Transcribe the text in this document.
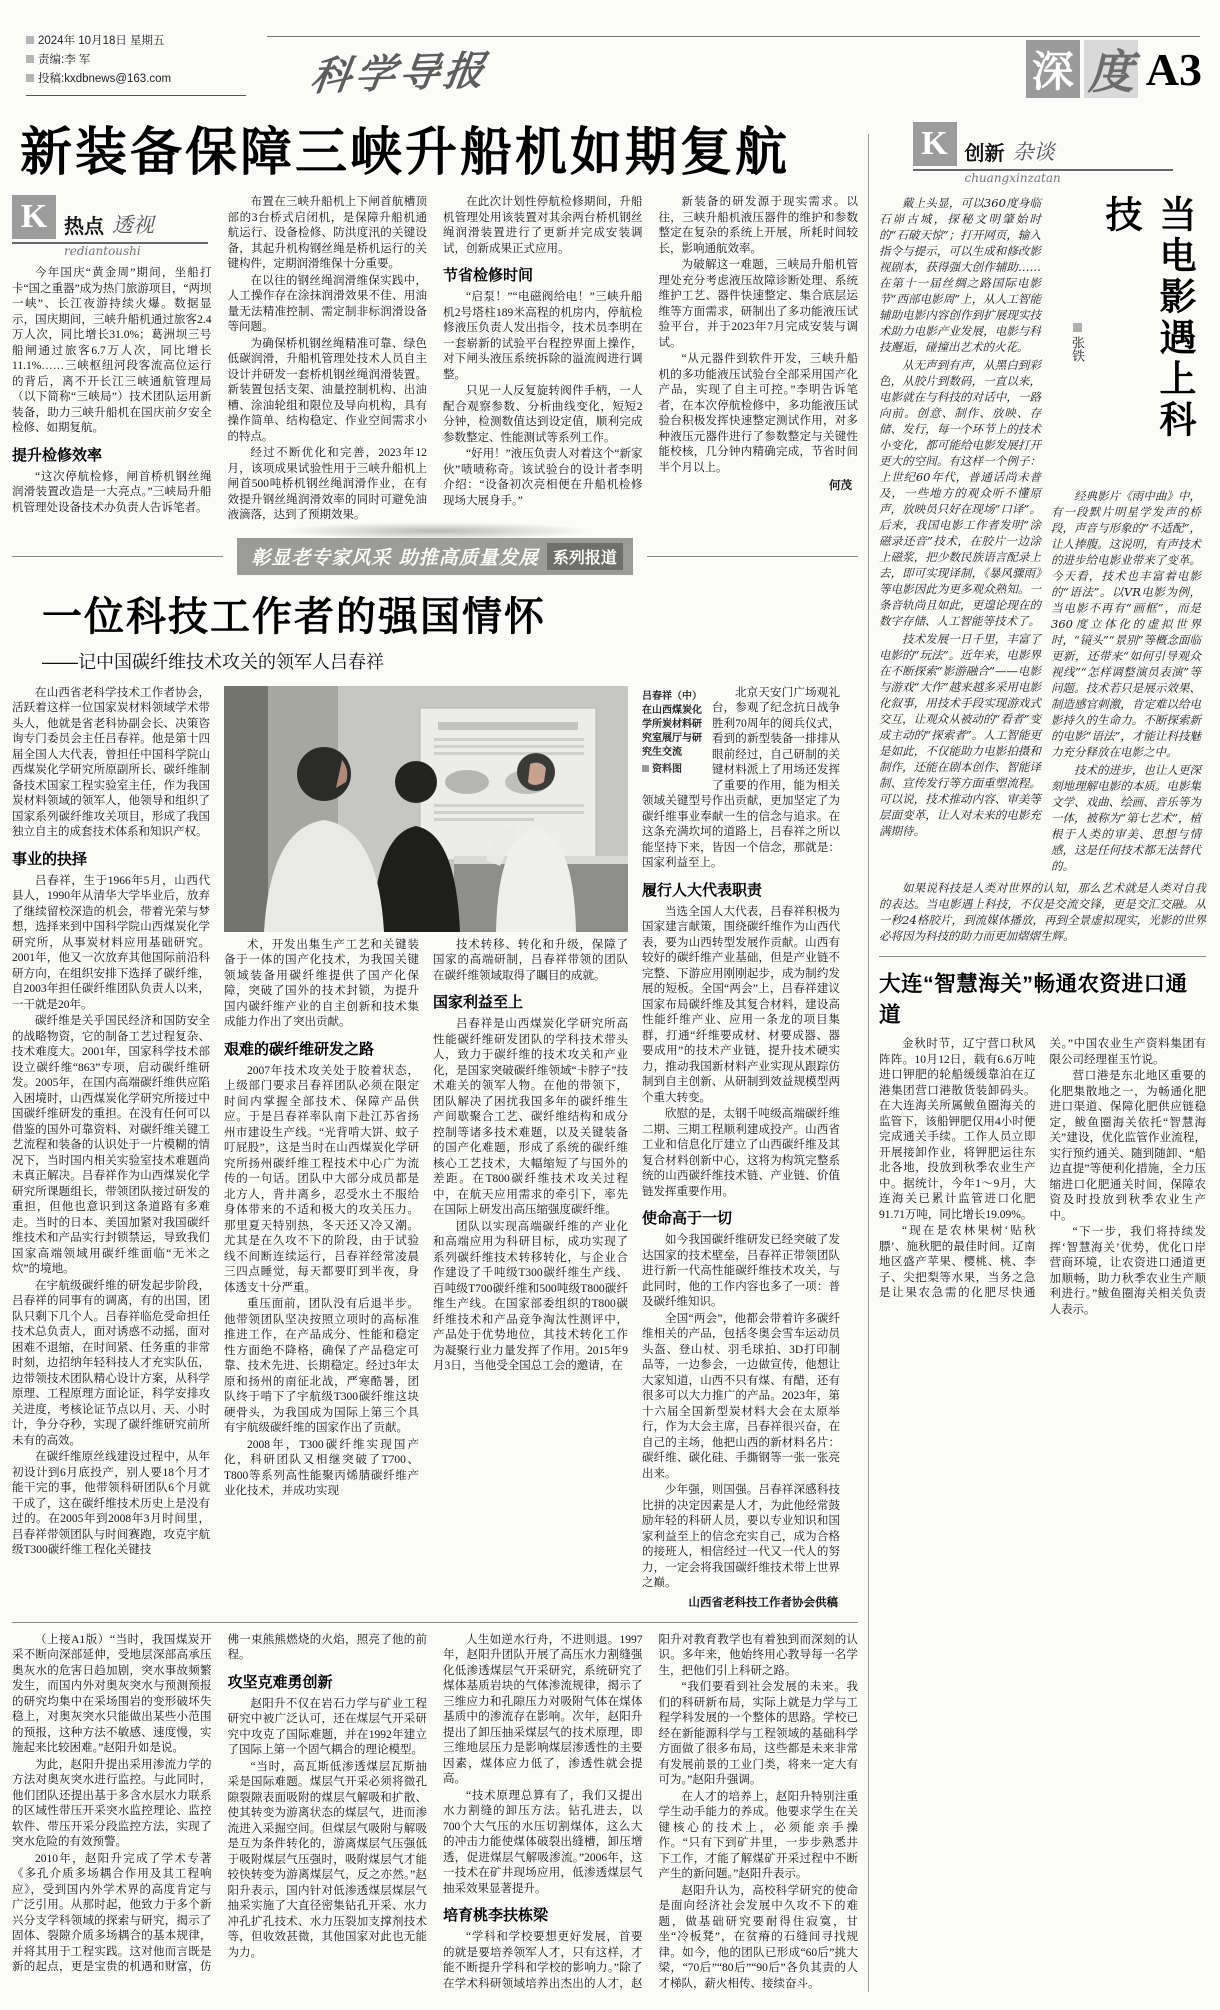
2024年 10月18日 星期五
责编:李 军
投稿:kxdbnews@163.com	科学导报	深 度 A3
新装备保障三峡升船机如期复航
K 热点 透视
rediantoushi

今年国庆“黄金周”期间，坐船打卡“国之重器”成为热门旅游项目，“两坝一峡”、长江夜游持续火爆。数据显示，国庆期间，三峡升船机通过旅客2.4万人次，同比增长31.0%；葛洲坝三号船闸通过旅客6.7万人次，同比增长11.1%……三峡枢纽河段客流高位运行的背后，离不开长江三峡通航管理局（以下简称“三峡局”）技术团队运用新装备，助力三峡升船机在国庆前夕安全检修、如期复航。

提升检修效率

“这次停航检修，闸首桥机钢丝绳润滑装置改造是一大亮点。”三峡局升船机管理处设备技术办负责人告诉笔者。

布置在三峡升船机上下闸首航槽顶部的3台桥式启闭机，是保障升船机通航运行、设备检修、防洪度汛的关键设备，其起升机构钢丝绳是桥机运行的关键构件，定期润滑维保十分重要。

在以往的钢丝绳润滑维保实践中，人工操作存在涂抹润滑效果不佳、用油量无法精准控制、需定制非标润滑设备等问题。

为确保桥机钢丝绳精准可靠、绿色低碳润滑，升船机管理处技术人员自主设计并研发一套桥机钢丝绳润滑装置。新装置包括支架、油量控制机构、出油槽、涂油轮组和限位及导向机构，具有操作简单、结构稳定、作业空间需求小的特点。

经过不断优化和完善，2023年12月，该项成果试验性用于三峡升船机上闸首500吨桥机钢丝绳润滑作业，在有效提升钢丝绳润滑效率的同时可避免油液滴落，达到了预期效果。

在此次计划性停航检修期间，升船机管理处用该装置对其余两台桥机钢丝绳润滑装置进行了更新并完成安装调试，创新成果正式应用。

节省检修时间

“启泵！”“电磁阀给电！”三峡升船机2号塔柱189米高程的机房内，停航检修液压负责人发出指令，技术员李明在一套崭新的试验平台程控界面上操作，对下闸头液压系统拆除的溢流阀进行调整。

只见一人反复旋转阀件手柄，一人配合观察参数、分析曲线变化，短短2分钟，检测数值达到设定值，顺利完成参数整定、性能测试等系列工作。

“好用！”液压负责人对着这个“新家伙”啧啧称奇。该试验台的设计者李明介绍：“设备初次亮相便在升船机检修现场大展身手。”

新装备的研发源于现实需求。以往，三峡升船机液压器件的维护和参数整定在复杂的系统上开展，所耗时间较长，影响通航效率。

为破解这一难题，三峡局升船机管理处充分考虑液压故障诊断处理、系统维护工艺、器件快速整定、集合底层运维等方面需求，研制出了多功能液压试验平台，并于2023年7月完成安装与调试。

“从元器件到软件开发，三峡升船机的多功能液压试验台全部采用国产化产品，实现了自主可控。”李明告诉笔者，在本次停航检修中，多功能液压试验台积极发挥快速整定测试作用，对多种液压元器件进行了参数整定与关键性能校核，几分钟内精确完成，节省时间半个月以上。

何茂

彰显老专家风采 助推高质量发展 系列报道
一位科技工作者的强国情怀
——记中国碳纤维技术攻关的领军人吕春祥

在山西省老科学技术工作者协会，活跃着这样一位国家炭材料领域学术带头人，他就是省老科协副会长、决策咨询专门委员会主任吕春祥。他是第十四届全国人大代表，曾担任中国科学院山西煤炭化学研究所原副所长、碳纤维制备技术国家工程实验室主任，作为我国炭材料领域的领军人，他领导和组织了国家系列碳纤维攻关项目，形成了我国独立自主的成套技术体系和知识产权。

事业的抉择

吕春祥，生于1966年5月，山西代县人，1990年从清华大学毕业后，放弃了继续留校深造的机会，带着光荣与梦想，选择来到中国科学院山西煤炭化学研究所，从事炭材料应用基础研究。2001年，他又一次放弃其他国际前沿科研方向，在组织安排下选择了碳纤维，自2003年担任碳纤维团队负责人以来，一干就是20年。

碳纤维是关乎国民经济和国防安全的战略物资，它的制备工艺过程复杂、技术难度大。2001年，国家科学技术部设立碳纤维“863”专项，启动碳纤维研发。2005年，在国内高端碳纤维供应陷入困境时，山西煤炭化学研究所接过中国碳纤维研发的重担。在没有任何可以借鉴的国外可靠资料、对碳纤维关键工艺流程和装备的认识处于一片模糊的情况下，当时国内相关实验室技术难题尚未真正解决。吕春祥作为山西煤炭化学研究所课题组长，带领团队接过研发的重担，但他也意识到这条道路有多难走。当时的日本、美国加紧对我国碳纤维技术和产品实行封锁禁运，导致我们国家高端领域用碳纤维面临“无米之炊”的境地。

在宇航级碳纤维的研发起步阶段，吕春祥的同事有的调离，有的出国，团队只剩下几个人。吕春祥临危受命担任技术总负责人，面对诱惑不动摇，面对困难不退缩，在时间紧、任务重的非常时刻，边招纳年轻科技人才充实队伍，边带领技术团队精心设计方案，从科学原理、工程原理方面论证，科学安排攻关进度，考核论证节点以月、天、小时计，争分夺秒，实现了碳纤维研究前所未有的高效。

在碳纤维原丝线建设过程中，从年初设计到6月底投产，别人要18个月才能干完的事，他带领科研团队6个月就干成了，这在碳纤维技术历史上是没有过的。在2005年到2008年3月时间里，吕春祥带领团队与时间赛跑，攻克宇航级T300碳纤维工程化关键技

术，开发出集生产工艺和关键装备于一体的国产化技术，为我国关键领域装备用碳纤维提供了国产化保障，突破了国外的技术封锁，为提升国内碳纤维产业的自主创新和技术集成能力作出了突出贡献。

艰难的碳纤维研发之路

2007年技术攻关处于胶着状态，上级部门要求吕春祥团队必须在限定时间内掌握全部技术、保障产品供应。于是吕春祥率队南下赴江苏省扬州市建设生产线。“光背啃大饼、蚊子叮屁股”，这是当时在山西煤炭化学研究所扬州碳纤维工程技术中心广为流传的一句话。团队中大部分成员都是北方人，背井离乡，忍受水土不服给身体带来的不适和极大的攻关压力。那里夏天特别热，冬天还又冷又潮。尤其是在久攻不下的阶段，由于试验线不间断连续运行，吕春祥经常凌晨三四点睡觉，每天都要盯到半夜，身体透支十分严重。

重压面前，团队没有后退半步。他带领团队坚决按照立项时的高标准推进工作，在产品成分、性能和稳定性方面绝不降格，确保了产品稳定可靠、技术先进、长期稳定。经过3年太原和扬州的南征北战，严寒酷暑，团队终于啃下了宇航级T300碳纤维这块硬骨头，为我国成为国际上第三个具有宇航级碳纤维的国家作出了贡献。

2008年，T300碳纤维实现国产化，科研团队又相继突破了T700、T800等系列高性能聚丙烯腈碳纤维产业化技术，并成功实现

技术转移、转化和升级，保障了国家的高端研制，吕春祥带领的团队在碳纤维领域取得了瞩目的成就。

国家利益至上

吕春祥是山西煤炭化学研究所高性能碳纤维研发团队的学科技术带头人，致力于碳纤维的技术攻关和产业化，是国家突破碳纤维领域“卡脖子”技术难关的领军人物。在他的带领下，团队解决了困扰我国多年的碳纤维生产间歇聚合工艺、碳纤维结构和成分控制等诸多技术难题，以及关键装备的国产化难题，形成了系统的碳纤维核心工艺技术，大幅缩短了与国外的差距。在T800碳纤维技术攻关过程中，在航天应用需求的牵引下，率先在国际上研发出高压缩强度碳纤维。

团队以实现高端碳纤维的产业化和高端应用为科研目标，成功实现了系列碳纤维技术转移转化，与企业合作建设了千吨级T300碳纤维生产线、百吨级T700碳纤维和500吨级T800碳纤维生产线。在国家部委组织的T800碳纤维技术和产品竞争淘汰性测评中，产品处于优势地位，其技术转化工作为凝聚行业力量发挥了作用。2015年9月3日，当他受全国总工会的邀请，在

吕春祥（中）在山西煤炭化学所炭材料研究室展厅与研究生交流
资料图

北京天安门广场观礼台，参观了纪念抗日战争胜利70周年的阅兵仪式，看到的新型装备一排排从眼前经过，自己研制的关键材料派上了用场还发挥了重要的作用，能为相关领域关键型号作出贡献，更加坚定了为碳纤维事业奉献一生的信念与追求。在这条充满坎坷的道路上，吕春祥之所以能坚持下来，皆因一个信念，那就是：国家利益至上。

履行人大代表职责

当选全国人大代表，吕春祥积极为国家建言献策，围绕碳纤维作为山西代表，要为山西转型发展作贡献。山西有较好的碳纤维产业基础，但是产业链不完整、下游应用刚刚起步，成为制约发展的短板。全国“两会”上，吕春祥建议国家布局碳纤维及其复合材料，建设高性能纤维产业、应用一条龙的项目集群，打通“纤维要成材、材要成器、器要成用”的技术产业链，提升技术硬实力，推动我国新材料产业实现从跟踪仿制到自主创新、从研制到效益规模型两个重大转变。

欣慰的是，太钢千吨级高端碳纤维二期、三期工程顺利建成投产。山西省工业和信息化厅建立了山西碳纤维及其复合材料创新中心，这将为构筑完整系统的山西碳纤维技术链、产业链、价值链发挥重要作用。

使命高于一切

如今我国碳纤维研发已经突破了发达国家的技术壁垒，吕春祥正带领团队进行新一代高性能碳纤维技术攻关，与此同时，他的工作内容也多了一项：普及碳纤维知识。

全国“两会”，他都会带着许多碳纤维相关的产品，包括冬奥会雪车运动员头盔、登山杖、羽毛球拍、3D打印制品等，一边参会，一边做宣传，他想让大家知道，山西不只有煤、有醋，还有很多可以大力推广的产品。2023年，第十六届全国新型炭材料大会在太原举行，作为大会主席，吕春祥很兴奋，在自己的主场，他把山西的新材料名片：碳纤维、碳化硅、手撕钢等一张一张亮出来。

少年强，则国强。吕春祥深感科技比拼的决定因素是人才，为此他经常鼓励年轻的科研人员，要以专业知识和国家利益至上的信念充实自己，成为合格的接班人，相信经过一代又一代人的努力，一定会将我国碳纤维技术带上世界之巅。

山西省老科技工作者协会供稿

（上接A1版）“当时，我国煤炭开采不断向深部延伸，受地层深部高承压奥灰水的危害日趋加剧，突水事故频繁发生，而国内外对奥灰突水与预测预报的研究均集中在采场围岩的变形破坏失稳上，对奥灰突水只能做出某些小范围的预报，这种方法不敏感、速度慢，实施起来比较困难。”赵阳升如是说。

为此，赵阳升提出采用渗流力学的方法对奥灰突水进行监控。与此同时，他们团队还提出基于多含水层水力联系的区域性带压开采突水监控理论、监控软件、带压开采分段监控方法，实现了突水危险的有效预警。

2010年，赵阳升完成了学术专著《多孔介质多场耦合作用及其工程响应》，受到国内外学术界的高度肯定与广泛引用。从那时起，他致力于多个新兴分支学科领域的探索与研究，揭示了固体、裂隙介质多场耦合的基本规律，并将其用于工程实践。这对他而言既是新的起点，更是宝贵的机遇和财富，仿佛一束熊熊燃烧的火焰，照亮了他的前程。

攻坚克难勇创新

赵阳升不仅在岩石力学与矿业工程研究中被广泛认可，还在煤层气开采研究中攻克了国际难题，并在1992年建立了国际上第一个固气耦合的理论模型。

“当时，高瓦斯低渗透煤层瓦斯抽采是国际难题。煤层气开采必须将微孔隙裂隙表面吸附的煤层气解吸和扩散、使其转变为游离状态的煤层气，进而渗流进入采掘空间。但煤层气吸附与解吸是互为条件转化的，游离煤层气压强低于吸附煤层气压强时，吸附煤层气才能较快转变为游离煤层气，反之亦然。”赵阳升表示，国内针对低渗透煤层煤层气抽采实施了大直径密集钻孔开采、水力冲孔扩孔技术、水力压裂加支撑剂技术等，但收效甚微，其他国家对此也无能为力。

人生如逆水行舟，不进则退。1997年，赵阳升团队开展了高压水力割缝强化低渗透煤层气开采研究，系统研究了煤体基质岩块的气体渗流规律，揭示了三维应力和孔隙压力对吸附气体在煤体基质中的渗流存在影响。次年，赵阳升提出了卸压抽采煤层气的技术原理，即三维地层压力是影响煤层渗透性的主要因素，煤体应力低了，渗透性就会提高。

“技术原理总算有了，我们又提出水力割缝的卸压方法。钻孔进去，以700个大气压的水压切割煤体，这么大的冲击力能使煤体破裂出缝槽，卸压增透，促进煤层气解吸渗流。”2006年，这一技术在矿井现场应用，低渗透煤层气抽采效果显著提升。

培育桃李扶栋梁

“学科和学校要想更好发展，首要的就是要培养领军人才，只有这样，才能不断提升学科和学校的影响力。”除了在学术科研领域培养出杰出的人才，赵阳升对教育教学也有着独到而深刻的认识。多年来，他始终用心教导每一名学生，把他们引上科研之路。

“我们要看到社会发展的未来。我们的科研新布局，实际上就是力学与工程学科发展的一个整体的思路。学校已经在新能源科学与工程领域的基础科学方面做了很多布局，这些都是未来非常有发展前景的工业门类，将来一定大有可为。”赵阳升强调。

在人才的培养上，赵阳升特别注重学生动手能力的养成。他要求学生在关键核心的技术上，必须能亲手操作。“只有下到矿井里，一步步熟悉井下工作，才能了解煤矿开采过程中不断产生的新问题。”赵阳升表示。

赵阳升认为，高校科学研究的使命是面向经济社会发展中久攻不下的难题，做基础研究要耐得住寂寞，甘坐“冷板凳”，在贫瘠的石缝间寻找规律。如今，他的团队已形成“60后”挑大梁，“70后”“80后”“90后”各负其责的人才梯队，薪火相传、接续奋斗。

K 创新 杂谈
chuangxinzatan

戴上头显，可以360度身临石峁古城，探秘文明肇始时的“石破天惊”；打开网页，输入指令与提示，可以生成和修改影视剧本，获得强大创作辅助……在第十一届丝绸之路国际电影节“西部电影周”上，从人工智能辅助电影内容创作到扩展现实技术助力电影产业发展，电影与科技邂逅，碰撞出艺术的火花。

从无声到有声，从黑白到彩色，从胶片到数码，一直以来，电影就在与科技的对话中，一路向前。创意、制作、放映、存储、发行，每一个环节上的技术小变化，都可能给电影发展打开更大的空间。有这样一个例子：上世纪60年代，普通话尚未普及，一些地方的观众听不懂原声，放映员只好在现场“口译”。后来，我国电影工作者发明“涂磁录还音”技术，在胶片一边涂上磁浆，把少数民族语言配录上去，即可实现译制，《暴风骤雨》等电影因此为更多观众熟知。一条音轨尚且如此，更遑论现在的数字存储、人工智能等技术了。

技术发展一日千里，丰富了电影的“玩法”。近年来，电影界在不断探索“影游融合”——电影与游戏“大作”越来越多采用电影化叙事，用技术手段实现游戏式交互，让观众从被动的“看者”变成主动的“探索者”。人工智能更是如此，不仅能助力电影拍摄和制作，还能在剧本创作、智能译制、宣传发行等方面重塑流程。可以说，技术推动内容、审美等层面变革，让人对未来的电影充满期待。

张铁	当电影遇上科技

经典影片《雨中曲》中，有一段默片明星学发声的桥段，声音与形象的“不适配”，让人捧腹。这说明，有声技术的进步给电影业带来了变革。今天看，技术也丰富着电影的“语法”。以VR电影为例，当电影不再有“画框”，而是360度立体化的虚拟世界时，“镜头”“景别”等概念面临更新，还带来“如何引导观众视线”“怎样调整演员表演”等问题。技术若只是展示效果、制造感官刺激，肯定难以给电影持久的生命力。不断探索新的电影“语法”，才能让科技魅力充分释放在电影之中。

技术的进步，也让人更深刻地理解电影的本质。电影集文学、戏曲、绘画、音乐等为一体，被称为“第七艺术”，植根于人类的审美、思想与情感，这是任何技术都无法替代的。

如果说科技是人类对世界的认知，那么艺术就是人类对自我的表达。当电影遇上科技，不仅是交流交锋，更是交汇交融。从一秒24格胶片，到流媒体播放，再到全景虚拟现实，光影的世界必将因为科技的助力而更加熠熠生辉。

大连“智慧海关”畅通农资进口通道

金秋时节，辽宁营口秋风阵阵。10月12日，载有6.6万吨进口钾肥的轮船缓缓靠泊在辽港集团营口港散货装卸码头。在大连海关所属鲅鱼圈海关的监管下，该船钾肥仅用4小时便完成通关手续。工作人员立即开展接卸作业，将钾肥运往东北各地，投放到秋季农业生产中。据统计，今年1～9月，大连海关已累计监管进口化肥91.71万吨，同比增长19.09%。

“现在是农林果树‘贴秋膘’、施秋肥的最佳时间。辽南地区盛产苹果、樱桃、桃、李子、尖把梨等水果，当务之急是让果农急需的化肥尽快通关。”中国农业生产资料集团有限公司经理崔玉竹说。

营口港是东北地区重要的化肥集散地之一，为畅通化肥进口渠道、保障化肥供应链稳定，鲅鱼圈海关依托“智慧海关”建设，优化监管作业流程，实行预约通关、随到随卸、“船边直提”等便利化措施，全力压缩进口化肥通关时间，保障农资及时投放到秋季农业生产中。

“下一步，我们将持续发挥‘智慧海关’优势，优化口岸营商环境，让农资进口通道更加顺畅，助力秋季农业生产顺利进行。”鲅鱼圈海关相关负责人表示。
